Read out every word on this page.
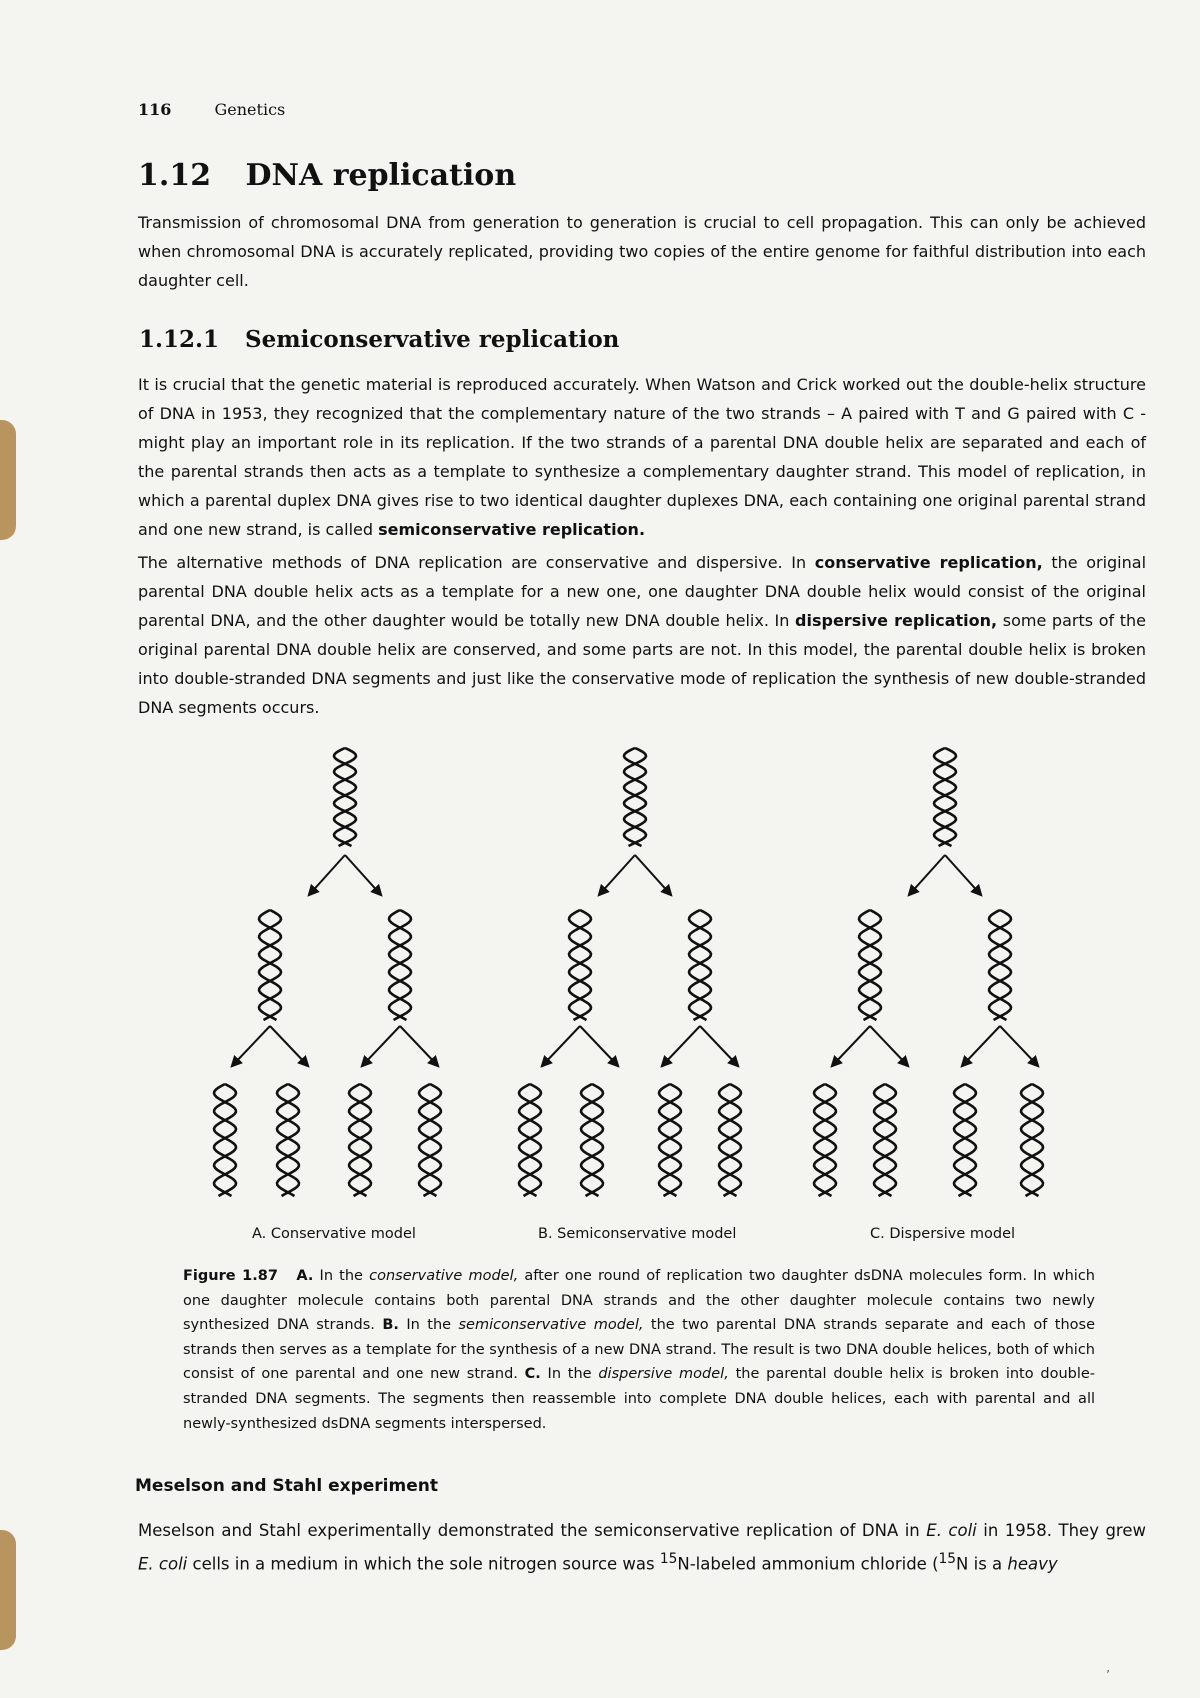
116	Genetics
1.12 DNA replication

Transmission of chromosomal DNA from generation to generation is crucial to cell propagation. This can only be achieved when chromosomal DNA is accurately replicated, providing two copies of the entire genome for faithful distribution into each daughter cell.

1.12.1 Semiconservative replication

It is crucial that the genetic material is reproduced accurately. When Watson and Crick worked out the double-helix structure of DNA in 1953, they recognized that the complementary nature of the two strands – A paired with T and G paired with C - might play an important role in its replication. If the two strands of a parental DNA double helix are separated and each of the parental strands then acts as a template to synthesize a complementary daughter strand. This model of replication, in which a parental duplex DNA gives rise to two identical daughter duplexes DNA, each containing one original parental strand and one new strand, is called semiconservative replication.

The alternative methods of DNA replication are conservative and dispersive. In conservative replication, the original parental DNA double helix acts as a template for a new one, one daughter DNA double helix would consist of the original parental DNA, and the other daughter would be totally new DNA double helix. In dispersive replication, some parts of the original parental DNA double helix are conserved, and some parts are not. In this model, the parental double helix is broken into double-stranded DNA segments and just like the conservative mode of replication the synthesis of new double-stranded DNA segments occurs.

A. Conservative model	B. Semiconservative model	C. Dispersive model

Figure 1.87 A. In the conservative model, after one round of replication two daughter dsDNA molecules form. In which one daughter molecule contains both parental DNA strands and the other daughter molecule contains two newly synthesized DNA strands. B. In the semiconservative model, the two parental DNA strands separate and each of those strands then serves as a template for the synthesis of a new DNA strand. The result is two DNA double helices, both of which consist of one parental and one new strand. C. In the dispersive model, the parental double helix is broken into double-stranded DNA segments. The segments then reassemble into complete DNA double helices, each with parental and all newly-synthesized dsDNA segments interspersed.

Meselson and Stahl experiment

Meselson and Stahl experimentally demonstrated the semiconservative replication of DNA in E. coli in 1958. They grew E. coli cells in a medium in which the sole nitrogen source was $^{15}$N-labeled ammonium chloride ($^{15}$N is a heavy

’
